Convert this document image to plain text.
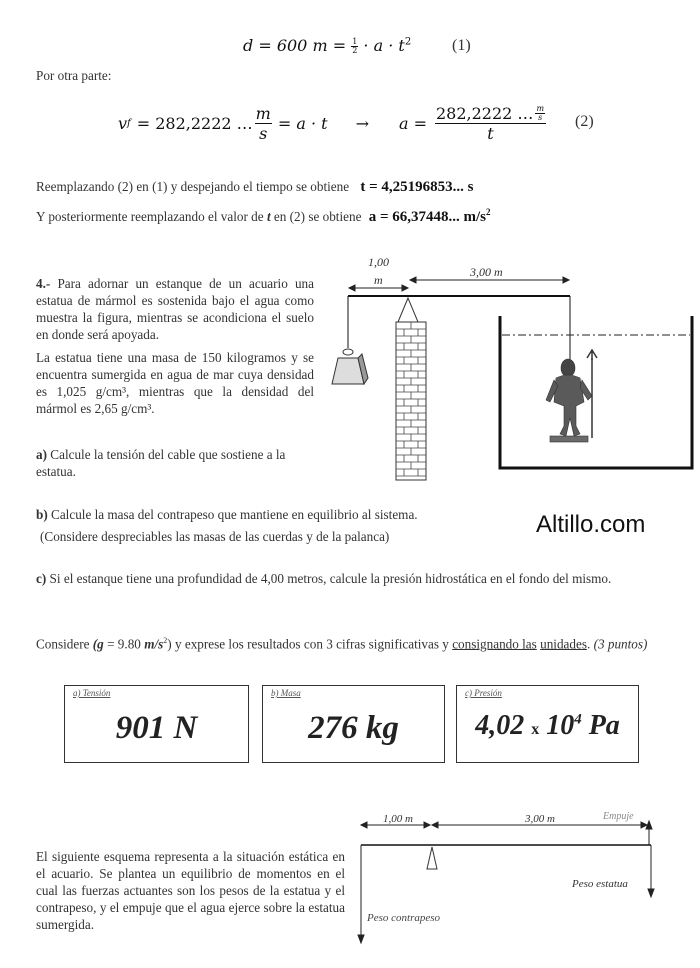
d = 600 $m = \frac{1}{2} \cdot a \cdot t^2$	(1)
Por otra parte:
v f = 282,2222 … $\frac{m}{s} = a \cdot t \to a = \frac{282,2222 \dots \frac{m}{s}}{t} (2)$
Reemplazando (2) en (1) y despejando el tiempo se obtiene t = 4,25196853... s
Y posteriormente reemplazando el valor de t en (2) se obtiene a = 66,37448... $m/s^2$
4.- Para adornar un estanque de un acuario una estatua de mármol es sostenida bajo el agua como muestra la figura, mientras se acondiciona el suelo en donde será apoyada.
La estatua tiene una masa de 150 kilogramos y se encuentra sumergida en agua de mar cuya densidad es 1,025 g/cm³, mientras que la densidad del mármol es 2,65 g/cm³.
a) Calcule la tensión del cable que sostiene a la estatua.
1,00
m
3,00 m
b) Calcule la masa del contrapeso que mantiene en equilibrio al sistema.
(Considere despreciables las masas de las cuerdas y de la palanca)	Altillo.com
c) Si el estanque tiene una profundidad de 4,00 metros, calcule la presión hidrostática en el fondo del mismo.
Considere (g = 9.80 $m/s^2$) y exprese los resultados con 3 cifras significativas y consignando las unidades. (3 puntos)
a) Tensión
901 N
b) Masa
276 kg
c) Presión
4,02 x $10^4$ Pa
El siguiente esquema representa a la situación estática en el acuario. Se plantea un equilibrio de momentos en el cual las fuerzas actuantes son los pesos de la estatua y el contrapeso, y el empuje que el agua ejerce sobre la estatua sumergida.
1,00 m	3,00 m	Empuje
Peso estatua
Peso contrapeso
